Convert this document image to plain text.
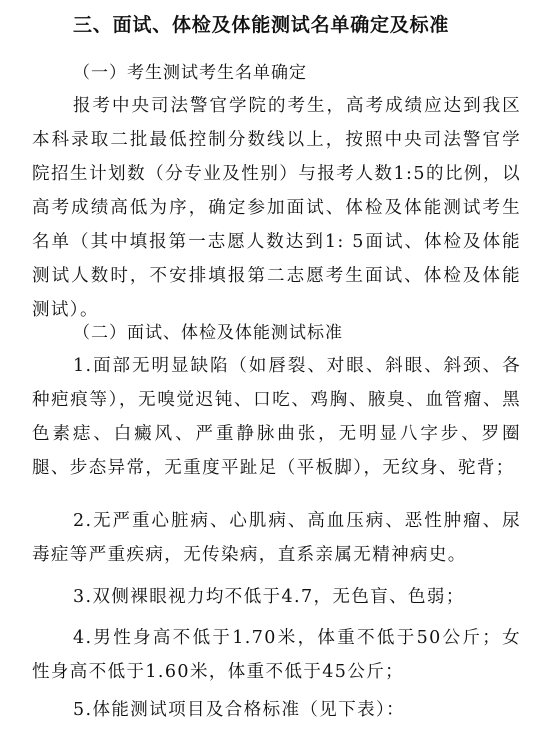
三、面试、体检及体能测试名单确定及标准
（一）考生测试考生名单确定
报考中央司法警官学院的考生，高考成绩应达到我区本科录取二批最低控制分数线以上，按照中央司法警官学院招生计划数（分专业及性别）与报考人数1:5的比例，以高考成绩高低为序，确定参加面试、体检及体能测试考生名单（其中填报第一志愿人数达到1: 5面试、体检及体能测试人数时，不安排填报第二志愿考生面试、体检及体能测试）。
（二）面试、体检及体能测试标准
1.面部无明显缺陷（如唇裂、对眼、斜眼、斜颈、各种疤痕等），无嗅觉迟钝、口吃、鸡胸、腋臭、血管瘤、黑色素痣、白癜风、严重静脉曲张，无明显八字步、罗圈腿、步态异常，无重度平趾足（平板脚），无纹身、驼背；
2.无严重心脏病、心肌病、高血压病、恶性肿瘤、尿毒症等严重疾病，无传染病，直系亲属无精神病史。
3.双侧裸眼视力均不低于4.7，无色盲、色弱；
4.男性身高不低于1.70米，体重不低于50公斤；女性身高不低于1.60米，体重不低于45公斤；
5.体能测试项目及合格标准（见下表）：
